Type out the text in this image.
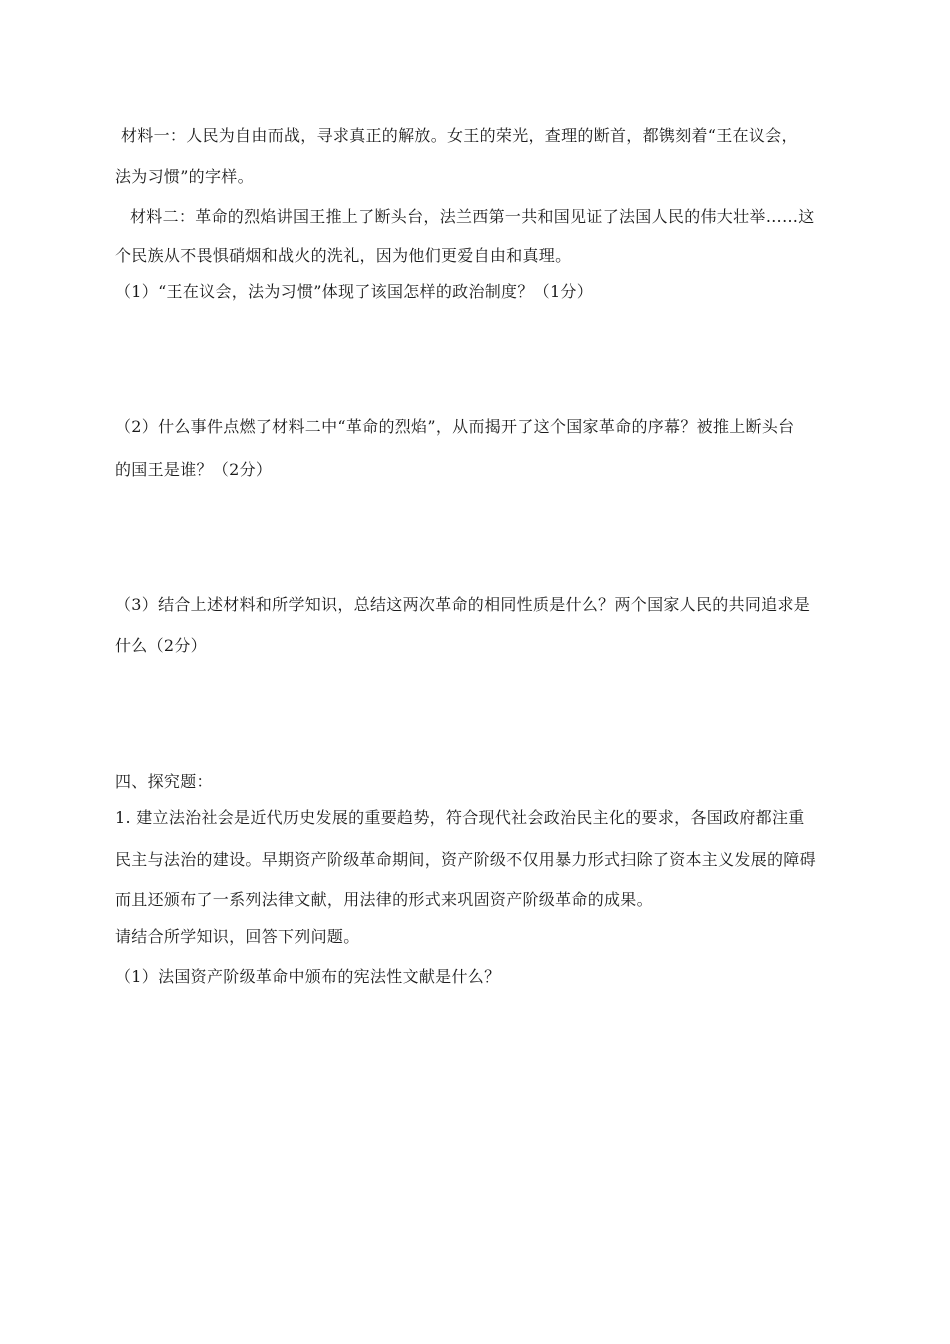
材料一：人民为自由而战，寻求真正的解放。女王的荣光，查理的断首，都镌刻着“王在议会，
法为习惯”的字样。
材料二：革命的烈焰讲国王推上了断头台，法兰西第一共和国见证了法国人民的伟大壮举……这
个民族从不畏惧硝烟和战火的洗礼，因为他们更爱自由和真理。
（1）“王在议会，法为习惯”体现了该国怎样的政治制度？（1分）
（2）什么事件点燃了材料二中“革命的烈焰”，从而揭开了这个国家革命的序幕？被推上断头台
的国王是谁？（2分）
（3）结合上述材料和所学知识，总结这两次革命的相同性质是什么？两个国家人民的共同追求是
什么（2分）
四、探究题：
1. 建立法治社会是近代历史发展的重要趋势，符合现代社会政治民主化的要求，各国政府都注重
民主与法治的建设。早期资产阶级革命期间，资产阶级不仅用暴力形式扫除了资本主义发展的障碍
而且还颁布了一系列法律文献，用法律的形式来巩固资产阶级革命的成果。
请结合所学知识，回答下列问题。
（1）法国资产阶级革命中颁布的宪法性文献是什么？
